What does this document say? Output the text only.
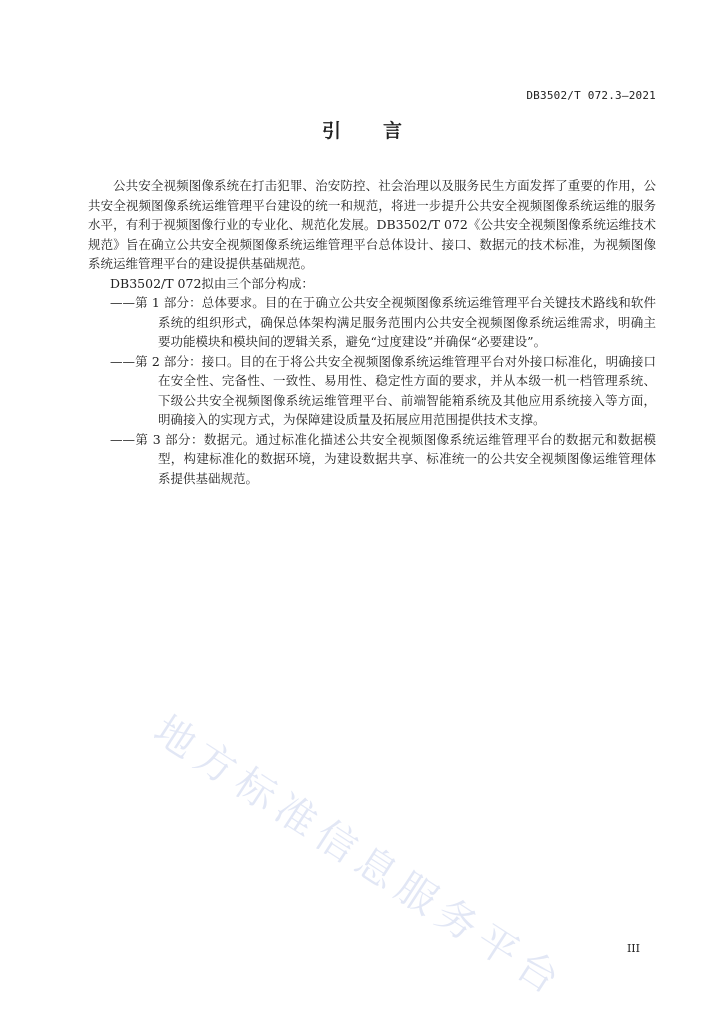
DB3502/T 072.3—2021
引言

公共安全视频图像系统在打击犯罪、治安防控、社会治理以及服务民生方面发挥了重要的作用，公共安全视频图像系统运维管理平台建设的统一和规范，将进一步提升公共安全视频图像系统运维的服务水平，有利于视频图像行业的专业化、规范化发展。DB3502/T 072《公共安全视频图像系统运维技术规范》旨在确立公共安全视频图像系统运维管理平台总体设计、接口、数据元的技术标准，为视频图像系统运维管理平台的建设提供基础规范。

DB3502/T 072拟由三个部分构成：

——第 1 部分：总体要求。目的在于确立公共安全视频图像系统运维管理平台关键技术路线和软件系统的组织形式，确保总体架构满足服务范围内公共安全视频图像系统运维需求，明确主要功能模块和模块间的逻辑关系，避免“过度建设”并确保“必要建设”。

——第 2 部分：接口。目的在于将公共安全视频图像系统运维管理平台对外接口标准化，明确接口在安全性、完备性、一致性、易用性、稳定性方面的要求，并从本级一机一档管理系统、下级公共安全视频图像系统运维管理平台、前端智能箱系统及其他应用系统接入等方面，明确接入的实现方式，为保障建设质量及拓展应用范围提供技术支撑。

——第 3 部分：数据元。通过标准化描述公共安全视频图像系统运维管理平台的数据元和数据模型，构建标准化的数据环境，为建设数据共享、标准统一的公共安全视频图像运维管理体系提供基础规范。

地方标准信息服务平台	III
